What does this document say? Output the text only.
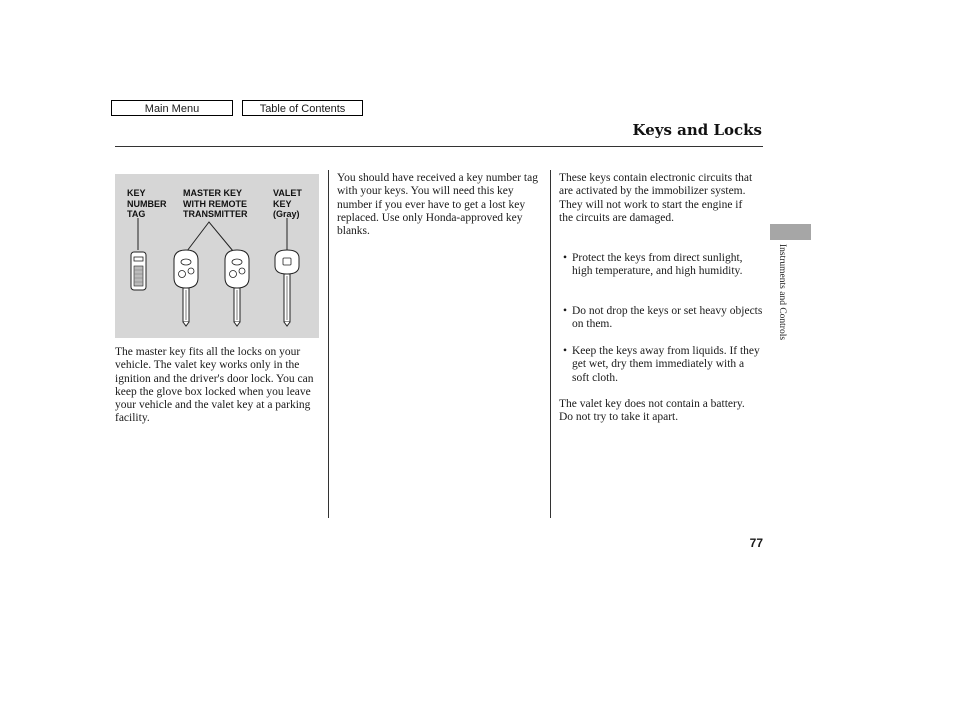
Main Menu	Table of Contents
Keys and Locks
KEY
NUMBER
TAG
MASTER KEY
WITH REMOTE
TRANSMITTER
VALET
KEY
(Gray)
The master key fits all the locks on your vehicle. The valet key works only in the ignition and the driver's door lock. You can keep the glove box locked when you leave your vehicle and the valet key at a parking facility.
You should have received a key number tag with your keys. You will need this key number if you ever have to get a lost key replaced. Use only Honda-approved key blanks.
These keys contain electronic circuits that are activated by the immobilizer system. They will not work to start the engine if the circuits are damaged.
• Protect the keys from direct sunlight, high temperature, and high humidity.
• Do not drop the keys or set heavy objects on them.
• Keep the keys away from liquids. If they get wet, dry them immediately with a soft cloth.
The valet key does not contain a battery. Do not try to take it apart.
Instruments and Controls
77
